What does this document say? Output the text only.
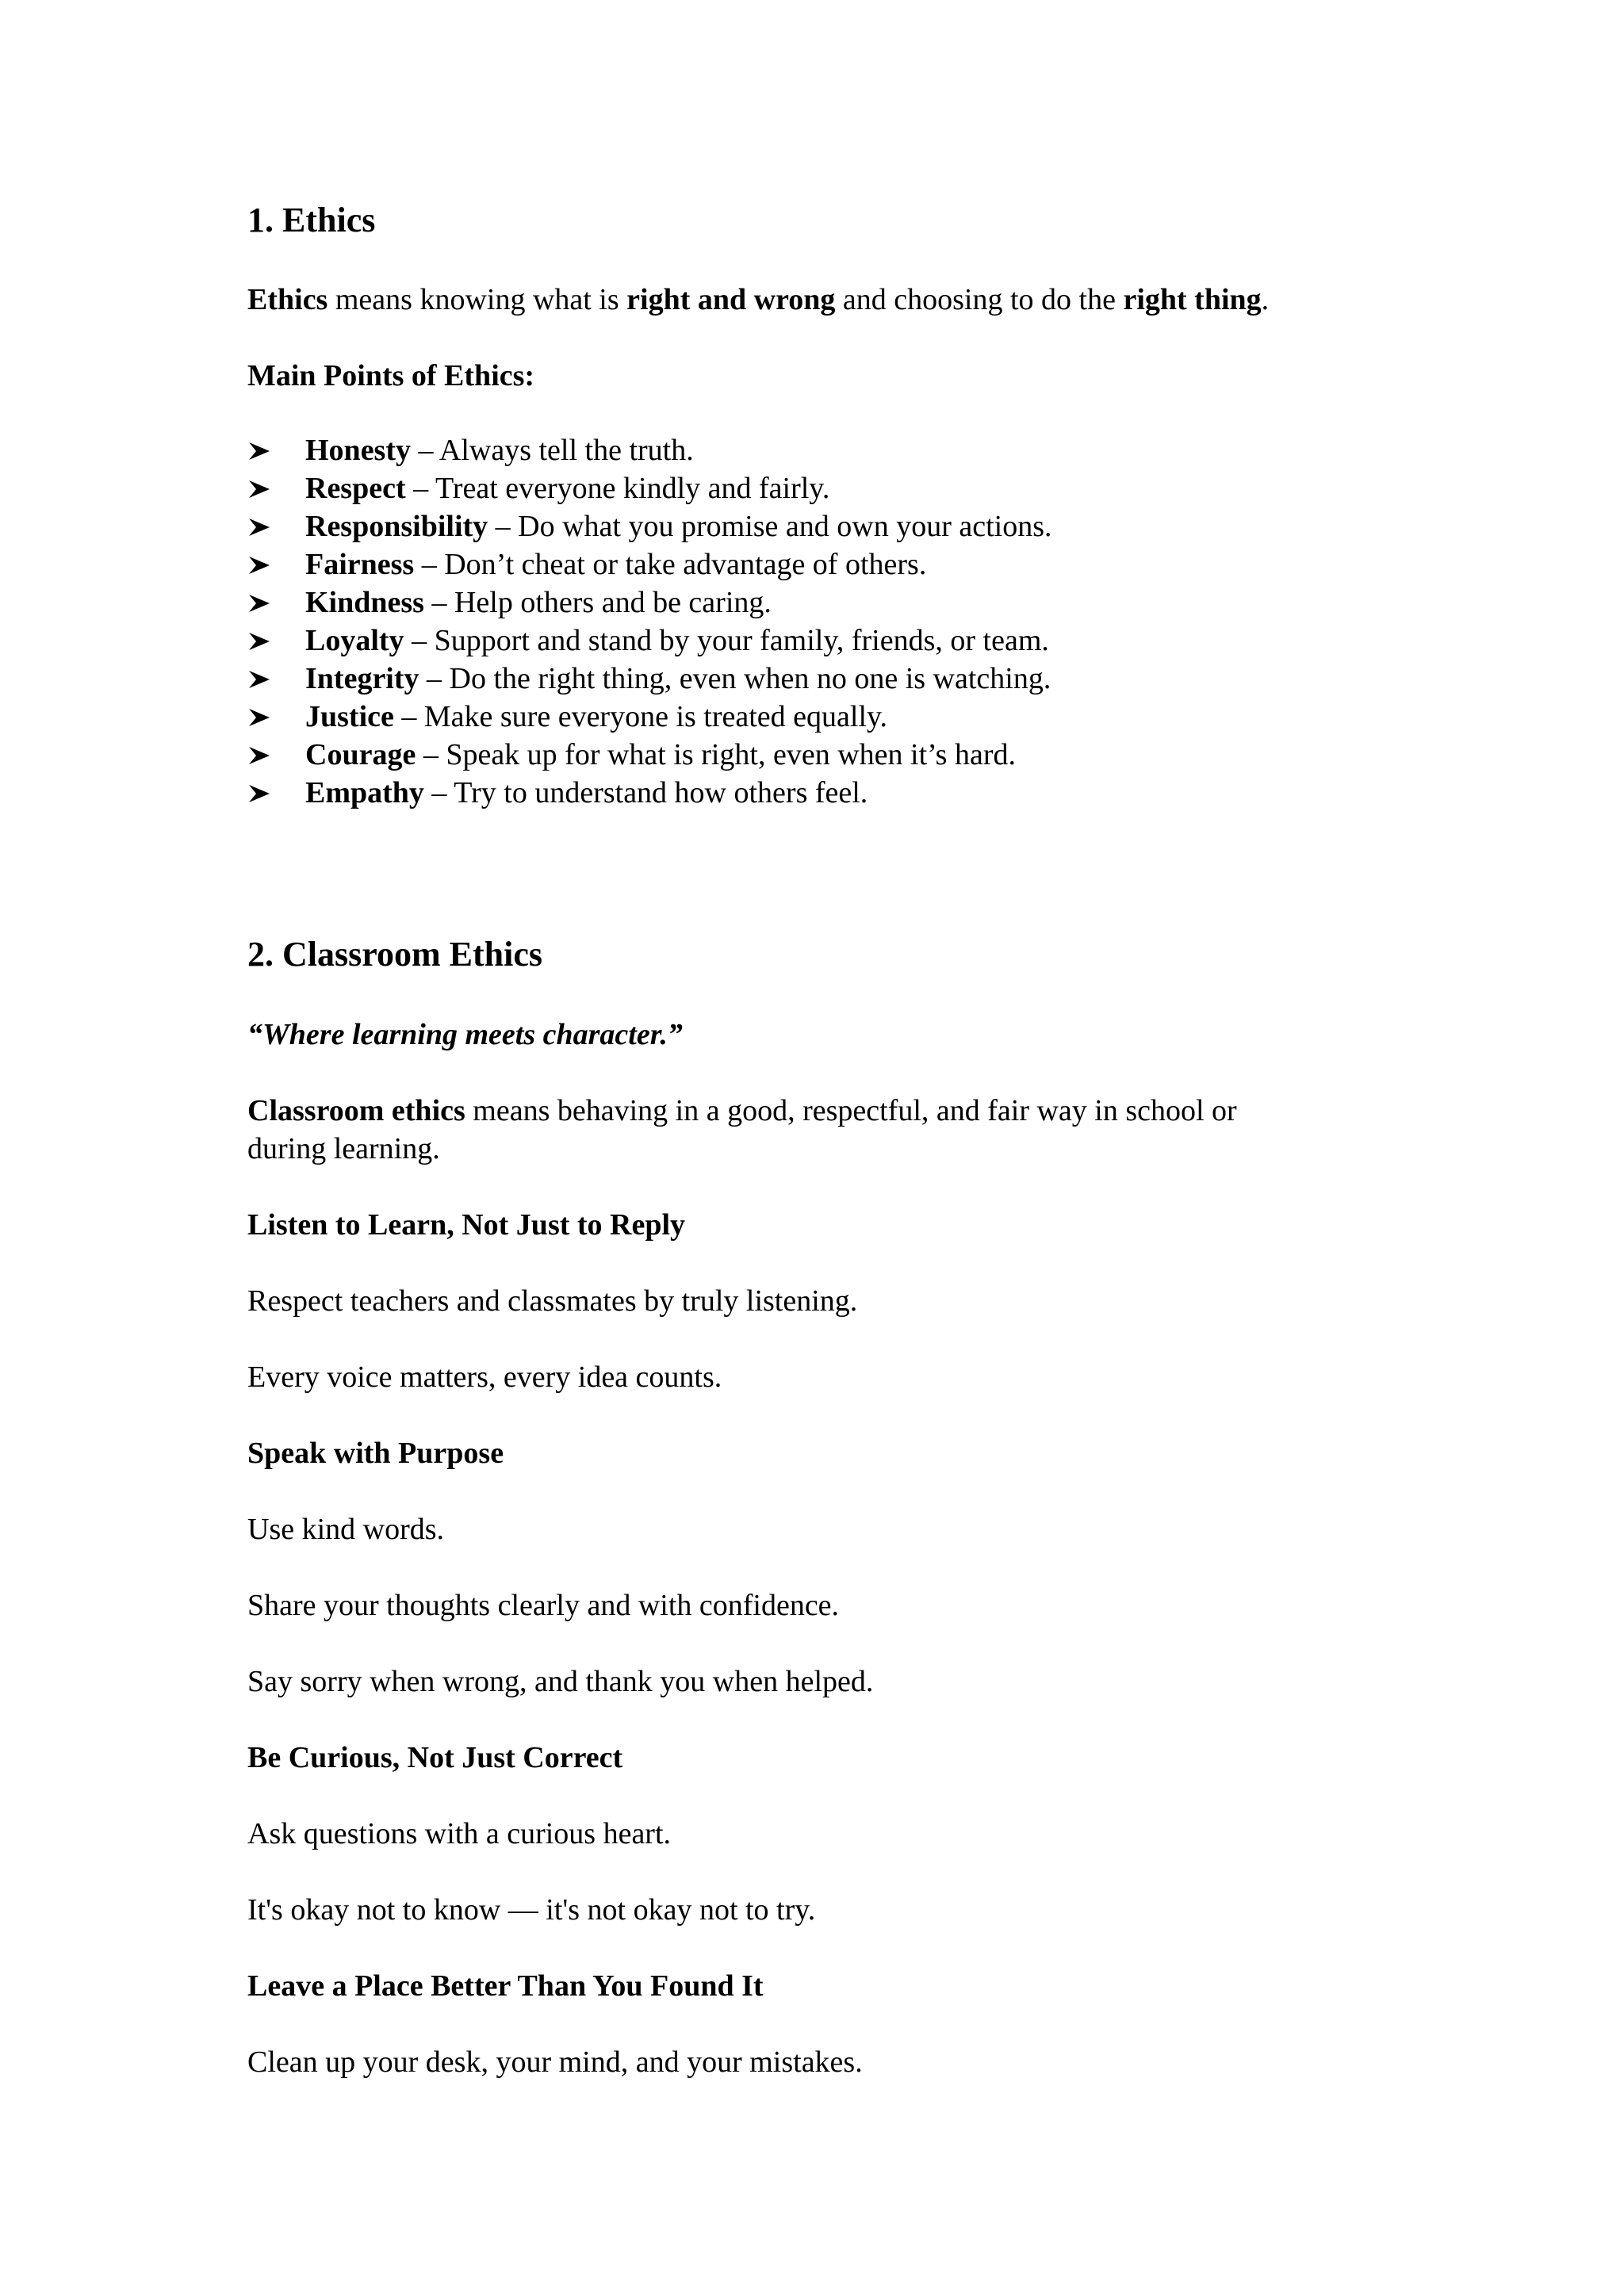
1. Ethics
Ethics means knowing what is right and wrong and choosing to do the right thing.
Main Points of Ethics:
Honesty – Always tell the truth.
Respect – Treat everyone kindly and fairly.
Responsibility – Do what you promise and own your actions.
Fairness – Don’t cheat or take advantage of others.
Kindness – Help others and be caring.
Loyalty – Support and stand by your family, friends, or team.
Integrity – Do the right thing, even when no one is watching.
Justice – Make sure everyone is treated equally.
Courage – Speak up for what is right, even when it’s hard.
Empathy – Try to understand how others feel.
2. Classroom Ethics
“Where learning meets character.”
Classroom ethics means behaving in a good, respectful, and fair way in school or
during learning.
Listen to Learn, Not Just to Reply
Respect teachers and classmates by truly listening.
Every voice matters, every idea counts.
Speak with Purpose
Use kind words.
Share your thoughts clearly and with confidence.
Say sorry when wrong, and thank you when helped.
Be Curious, Not Just Correct
Ask questions with a curious heart.
It's okay not to know — it's not okay not to try.
Leave a Place Better Than You Found It
Clean up your desk, your mind, and your mistakes.
